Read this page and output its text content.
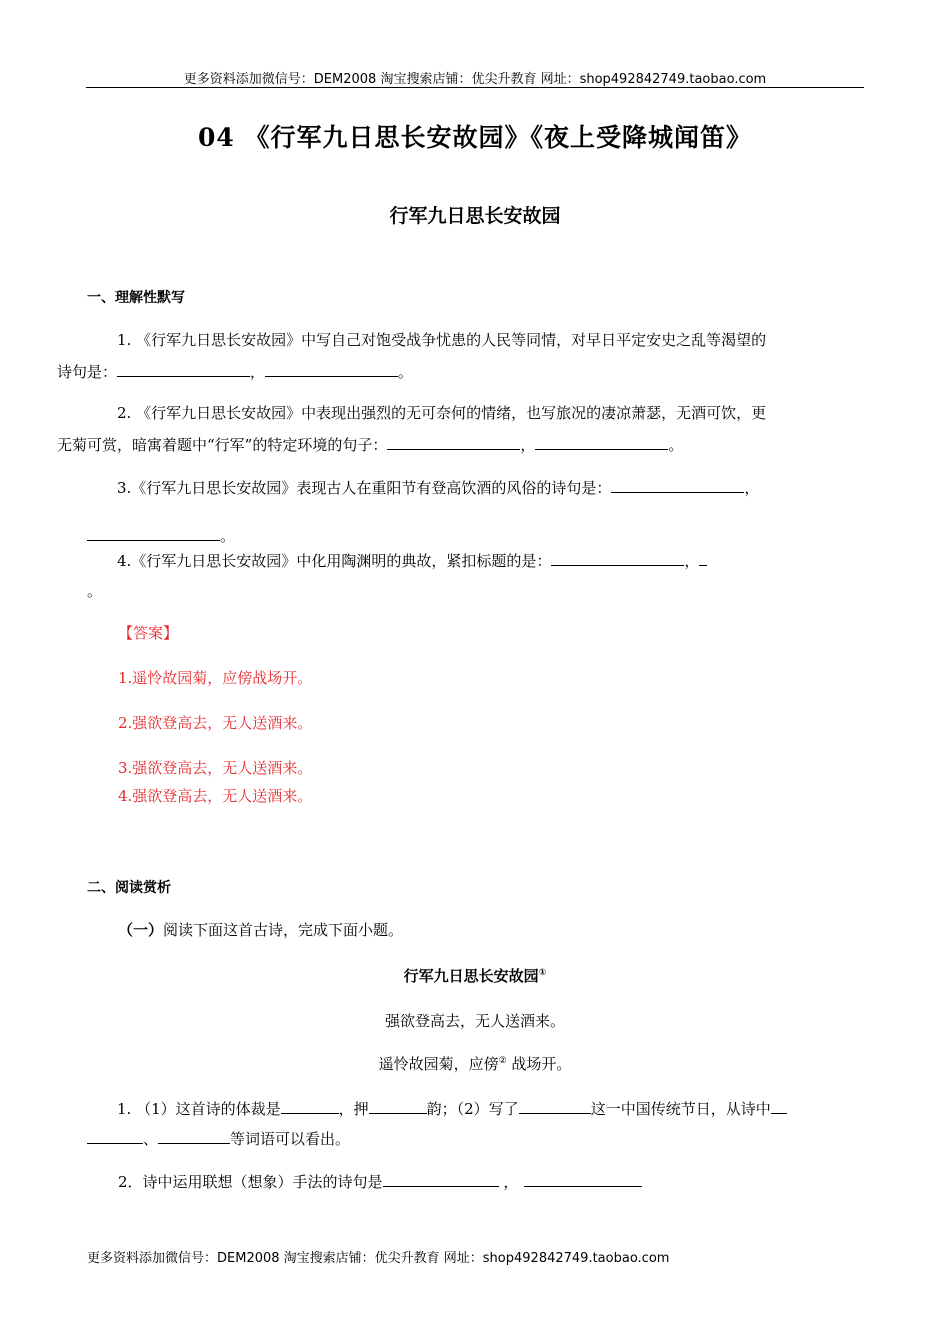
更多资料添加微信号：DEM2008 淘宝搜索店铺：优尖升教育 网址：shop492842749.taobao.com
04 《行军九日思长安故园》《夜上受降城闻笛》
行军九日思长安故园
一、理解性默写
1. 《行军九日思长安故园》中写自己对饱受战争忧患的人民等同情，对早日平定安史之乱等渴望的
诗句是：	，	。
2. 《行军九日思长安故园》中表现出强烈的无可奈何的情绪，也写旅况的凄凉萧瑟，无酒可饮，更
无菊可赏，暗寓着题中“行军”的特定环境的句子：	，	。
3.《行军九日思长安故园》表现古人在重阳节有登高饮酒的风俗的诗句是：	，
。
4.《行军九日思长安故园》中化用陶渊明的典故，紧扣标题的是：	，
。
【答案】
1.遥怜故园菊，应傍战场开。
2.强欲登高去，无人送酒来。
3.强欲登高去，无人送酒来。
4.强欲登高去，无人送酒来。
二、阅读赏析
（一）阅读下面这首古诗，完成下面小题。
行军九日思长安故园①
强欲登高去，无人送酒来。
遥怜故园菊，应傍② 战场开。
1. （1）这首诗的体裁是	，押	韵；（2）写了	这一中国传统节日，从诗中
、	等词语可以看出。
2．诗中运用联想（想象）手法的诗句是	，
更多资料添加微信号：DEM2008 淘宝搜索店铺：优尖升教育 网址：shop492842749.taobao.com
